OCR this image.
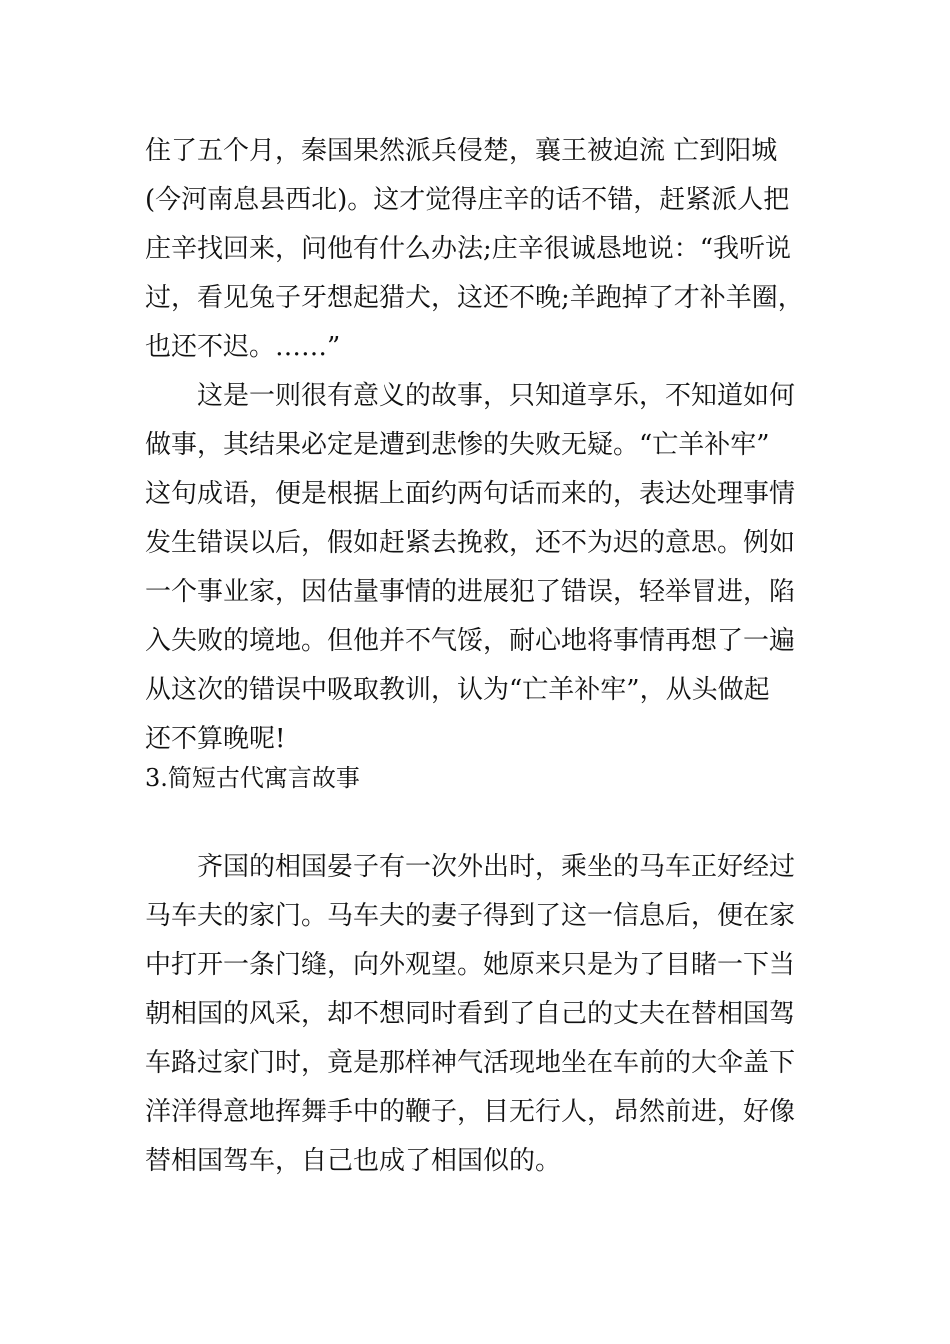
住了五个月，秦国果然派兵侵楚，襄王被迫流 亡到阳城
(今河南息县西北)。这才觉得庄辛的话不错，赶紧派人把
庄辛找回来，问他有什么办法;庄辛很诚恳地说：“我听说
过，看见兔子牙想起猎犬，这还不晚;羊跑掉了才补羊圈，
也还不迟。……”
这是一则很有意义的故事，只知道享乐，不知道如何
做事，其结果必定是遭到悲惨的失败无疑。“亡羊补牢”
这句成语，便是根据上面约两句话而来的，表达处理事情
发生错误以后，假如赶紧去挽救，还不为迟的意思。例如
一个事业家，因估量事情的进展犯了错误，轻举冒进，陷
入失败的境地。但他并不气馁，耐心地将事情再想了一遍
从这次的错误中吸取教训，认为“亡羊补牢”，从头做起
还不算晚呢!
3.简短古代寓言故事
齐国的相国晏子有一次外出时，乘坐的马车正好经过
马车夫的家门。马车夫的妻子得到了这一信息后，便在家
中打开一条门缝，向外观望。她原来只是为了目睹一下当
朝相国的风采，却不想同时看到了自己的丈夫在替相国驾
车路过家门时，竟是那样神气活现地坐在车前的大伞盖下
洋洋得意地挥舞手中的鞭子，目无行人，昂然前进，好像
替相国驾车，自己也成了相国似的。
